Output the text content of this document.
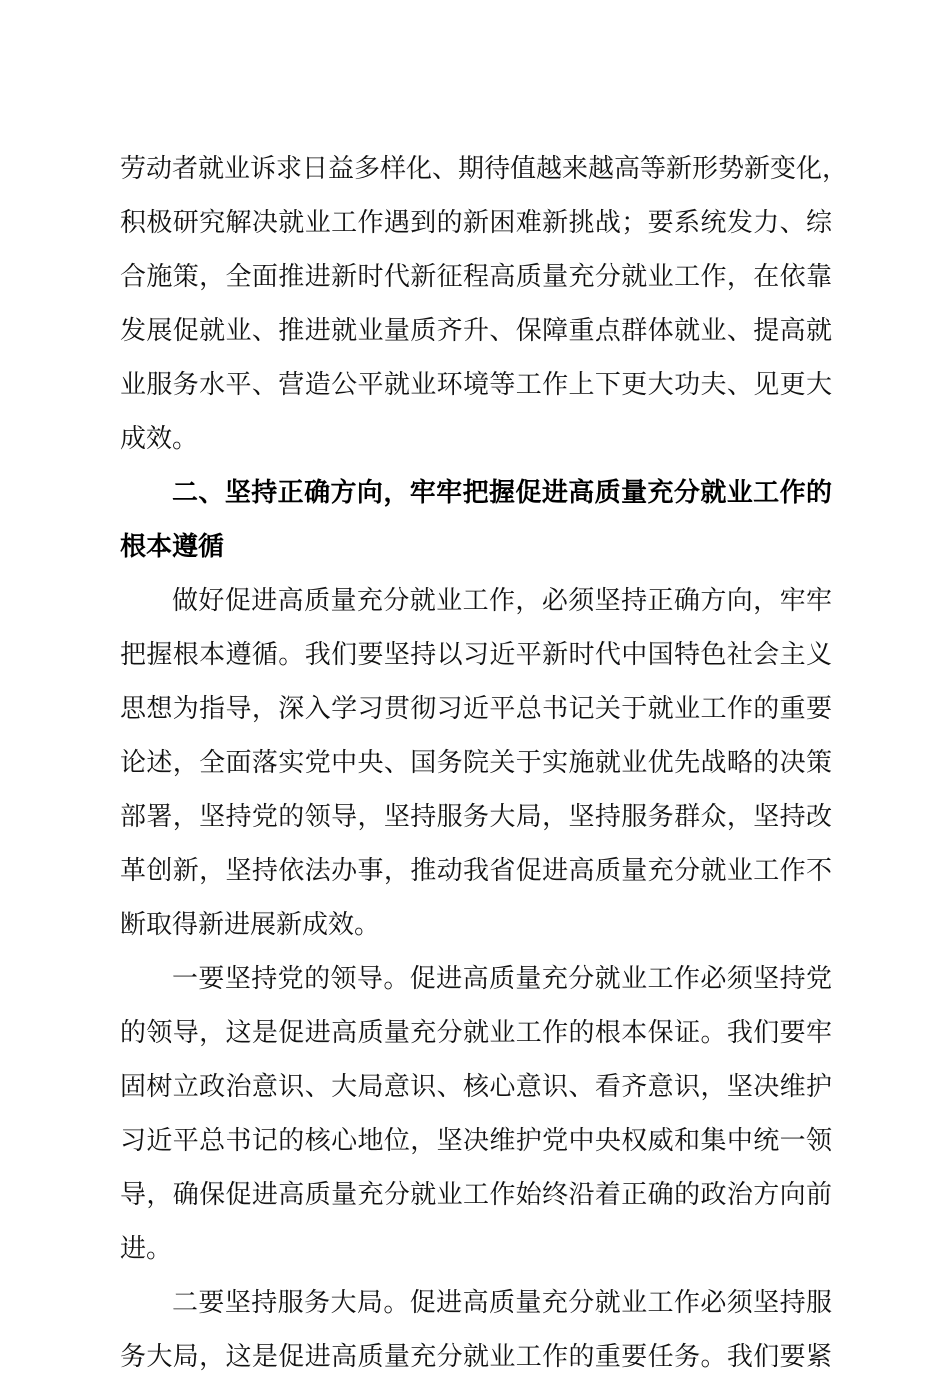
劳动者就业诉求日益多样化、期待值越来越高等新形势新变化，
积极研究解决就业工作遇到的新困难新挑战；要系统发力、综
合施策，全面推进新时代新征程高质量充分就业工作，在依靠
发展促就业、推进就业量质齐升、保障重点群体就业、提高就
业服务水平、营造公平就业环境等工作上下更大功夫、见更大
成效。
二、坚持正确方向，牢牢把握促进高质量充分就业工作的
根本遵循
做好促进高质量充分就业工作，必须坚持正确方向，牢牢
把握根本遵循。我们要坚持以习近平新时代中国特色社会主义
思想为指导，深入学习贯彻习近平总书记关于就业工作的重要
论述，全面落实党中央、国务院关于实施就业优先战略的决策
部署，坚持党的领导，坚持服务大局，坚持服务群众，坚持改
革创新，坚持依法办事，推动我省促进高质量充分就业工作不
断取得新进展新成效。
一要坚持党的领导。促进高质量充分就业工作必须坚持党
的领导，这是促进高质量充分就业工作的根本保证。我们要牢
固树立政治意识、大局意识、核心意识、看齐意识，坚决维护
习近平总书记的核心地位，坚决维护党中央权威和集中统一领
导，确保促进高质量充分就业工作始终沿着正确的政治方向前
进。
二要坚持服务大局。促进高质量充分就业工作必须坚持服
务大局，这是促进高质量充分就业工作的重要任务。我们要紧
